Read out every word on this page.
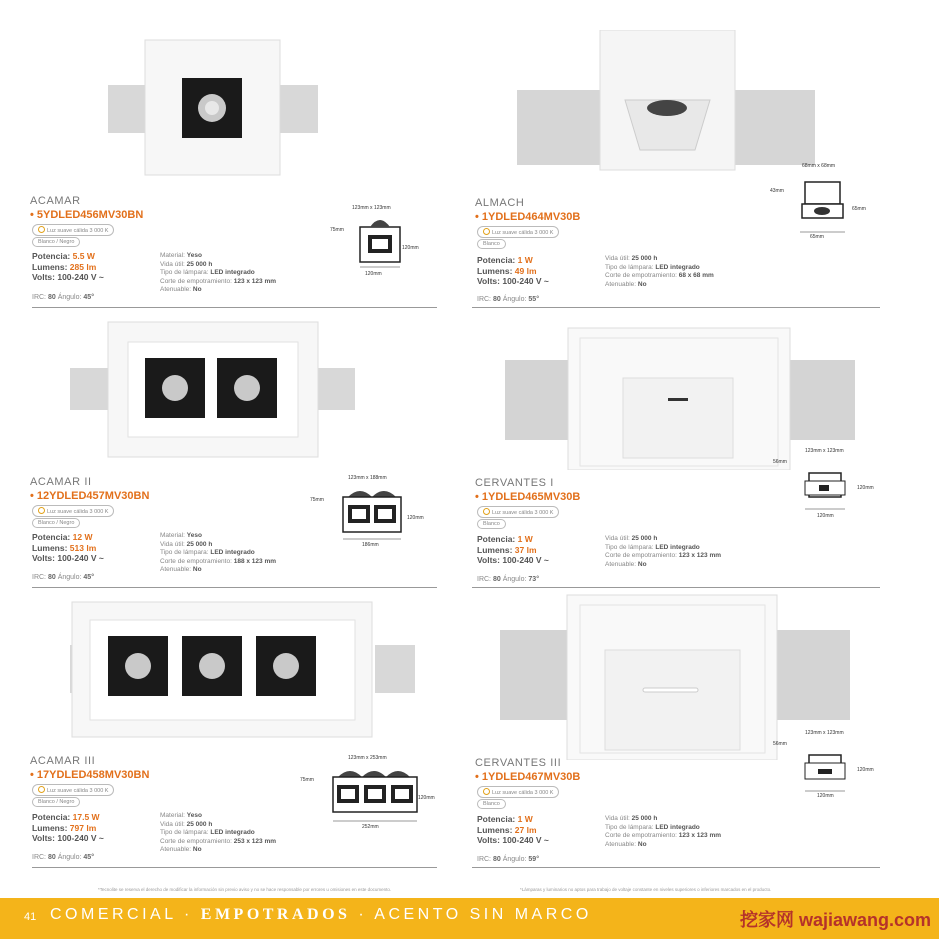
ACAMAR
• 5YDLED456MV30BN
Luz suave cálida 3 000 K
Blanco / Negro
Potencia: 5.5 W
Lumens: 285 lm
Volts: 100-240 V ~
Material: Yeso
Vida útil: 25 000 h
Tipo de lámpara: LED integrado
Corte de empotramiento: 123 x 123 mm
Atenuable: No
IRC: 80 Ángulo: 45°
123mm x 123mm
75mm
120mm
120mm
ALMACH
• 1YDLED464MV30B
Luz suave cálida 3 000 K
Blanco
Potencia: 1 W
Lumens: 49 lm
Volts: 100-240 V ~
Vida útil: 25 000 h
Tipo de lámpara: LED integrado
Corte de empotramiento: 68 x 68 mm
Atenuable: No
IRC: 80 Ángulo: 55°
68mm x 68mm
43mm
65mm
65mm
ACAMAR II
• 12YDLED457MV30BN
Luz suave cálida 3 000 K
Blanco / Negro
Potencia: 12 W
Lumens: 513 lm
Volts: 100-240 V ~
Material: Yeso
Vida útil: 25 000 h
Tipo de lámpara: LED integrado
Corte de empotramiento: 188 x 123 mm
Atenuable: No
IRC: 80 Ángulo: 45°
123mm x 188mm
75mm
120mm
186mm
CERVANTES I
• 1YDLED465MV30B
Luz suave cálida 3 000 K
Blanco
Potencia: 1 W
Lumens: 37 lm
Volts: 100-240 V ~
Vida útil: 25 000 h
Tipo de lámpara: LED integrado
Corte de empotramiento: 123 x 123 mm
Atenuable: No
IRC: 80 Ángulo: 73°
123mm x 123mm
56mm
120mm
120mm
ACAMAR III
• 17YDLED458MV30BN
Luz suave cálida 3 000 K
Blanco / Negro
Potencia: 17.5 W
Lumens: 797 lm
Volts: 100-240 V ~
Material: Yeso
Vida útil: 25 000 h
Tipo de lámpara: LED integrado
Corte de empotramiento: 253 x 123 mm
Atenuable: No
IRC: 80 Ángulo: 45°
123mm x 253mm
75mm
120mm
252mm
CERVANTES III
• 1YDLED467MV30B
Luz suave cálida 3 000 K
Blanco
Potencia: 1 W
Lumens: 27 lm
Volts: 100-240 V ~
Vida útil: 25 000 h
Tipo de lámpara: LED integrado
Corte de empotramiento: 123 x 123 mm
Atenuable: No
IRC: 80 Ángulo: 59°
123mm x 123mm
56mm
120mm
120mm
*Tecnolite se reserva el derecho de modificar la información sin previo aviso y no se hace responsable por errores u omisiones en este documento.	*Lámparas y luminarios no aptos para trabajo de voltaje constante en niveles superiores o inferiores marcados en el producto.
41 COMERCIAL · EMPOTRADOS · ACENTO SIN MARCO	挖家网 wajiawang.com
